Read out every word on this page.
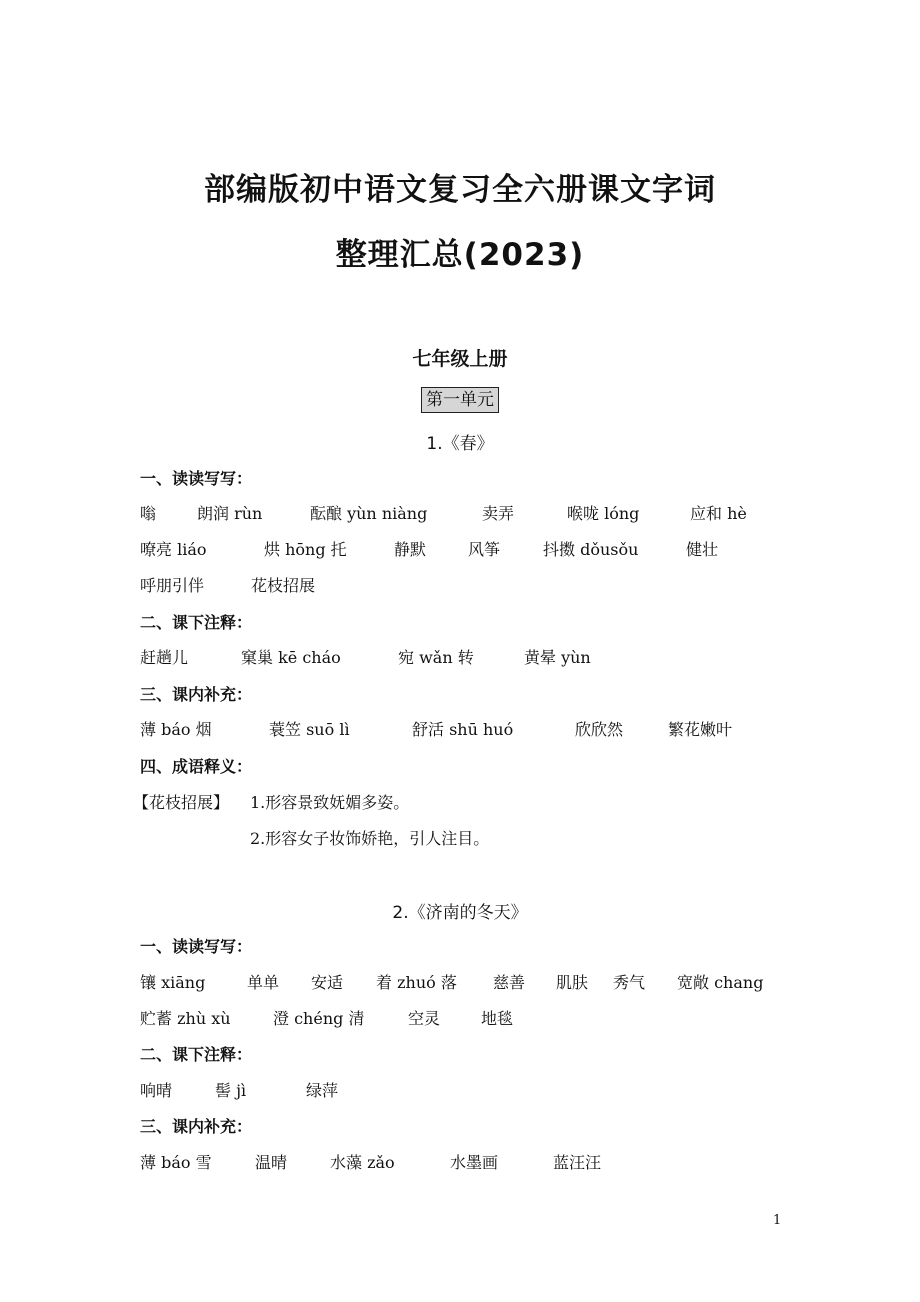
部编版初中语文复习全六册课文字词
整理汇总(2023)
七年级上册
第一单元
1.《春》
一、读读写写：
嗡	朗润 rùn	酝酿 yùn niàng	卖弄	喉咙 lóng	应和 hè
嘹亮 liáo	烘 hōng 托	静默	风筝	抖擞 dǒusǒu	健壮
呼朋引伴	花枝招展
二、课下注释：
赶趟儿	窠巢 kē cháo	宛 wǎn 转	黄晕 yùn
三、课内补充：
薄 báo 烟	蓑笠 suō lì	舒活 shū huó	欣欣然	繁花嫩叶
四、成语释义：
【花枝招展】 1.形容景致妩媚多姿。
2.形容女子妆饰娇艳，引人注目。
2.《济南的冬天》
一、读读写写：
镶 xiāng	单单 安适 着 zhuó 落 慈善 肌肤 秀气 宽敞 chang
贮蓄 zhù xù	澄 chéng 清	空灵	地毯
二、课下注释：
响晴	髻 jì	绿萍
三、课内补充：
薄 báo 雪	温晴	水藻 zǎo	水墨画	蓝汪汪
1
